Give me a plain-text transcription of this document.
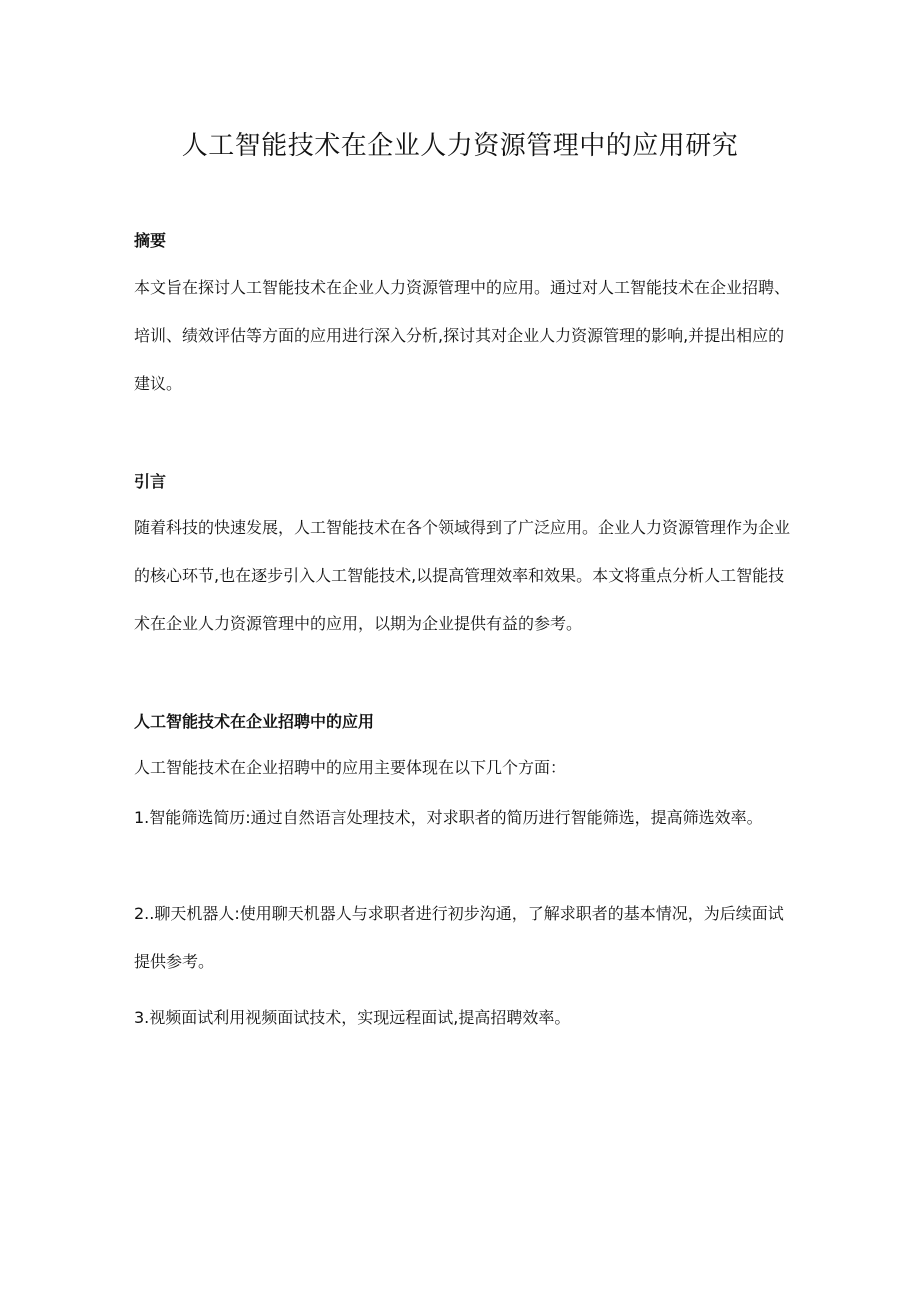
人工智能技术在企业人力资源管理中的应用研究
摘要

本文旨在探讨人工智能技术在企业人力资源管理中的应用。通过对人工智能技术在企业招聘、培训、绩效评估等方面的应用进行深入分析,探讨其对企业人力资源管理的影响,并提出相应的建议。

引言

随着科技的快速发展，人工智能技术在各个领域得到了广泛应用。企业人力资源管理作为企业的核心环节,也在逐步引入人工智能技术,以提高管理效率和效果。本文将重点分析人工智能技术在企业人力资源管理中的应用，以期为企业提供有益的参考。

人工智能技术在企业招聘中的应用

人工智能技术在企业招聘中的应用主要体现在以下几个方面：

1.智能筛选简历:通过自然语言处理技术，对求职者的简历进行智能筛选，提高筛选效率。

2..聊天机器人:使用聊天机器人与求职者进行初步沟通，了解求职者的基本情况，为后续面试提供参考。

3.视频面试利用视频面试技术，实现远程面试,提高招聘效率。
